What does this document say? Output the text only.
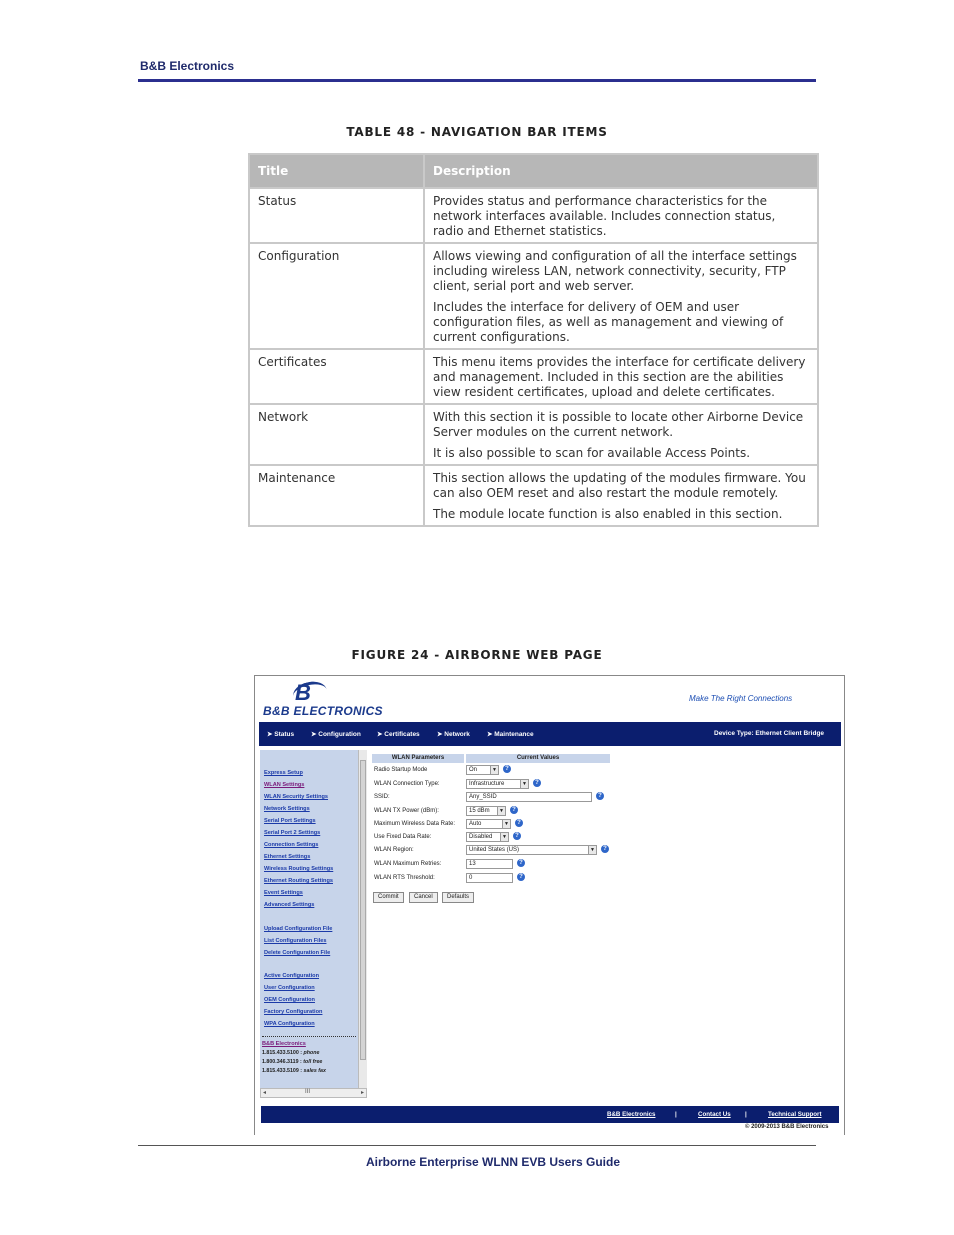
B&B Electronics
TABLE 48 - NAVIGATION BAR ITEMS
Title	Description
Status	Provides status and performance characteristics for the network interfaces available. Includes connection status, radio and Ethernet statistics.

Configuration	Allows viewing and configuration of all the interface settings including wireless LAN, network connectivity, security, FTP client, serial port and web server.

Includes the interface for delivery of OEM and user configuration files, as well as management and viewing of current configurations.

Certificates	This menu items provides the interface for certificate delivery and management. Included in this section are the abilities view resident certificates, upload and delete certificates.

Network	With this section it is possible to locate other Airborne Device Server modules on the current network.

It is also possible to scan for available Access Points.

Maintenance	This section allows the updating of the modules firmware. You can also OEM reset and also restart the module remotely.

The module locate function is also enabled in this section.

FIGURE 24 - AIRBORNE WEB PAGE
B
B&B ELECTRONICS
Make The Right Connections
➤ Status	➤ Configuration ➤ Certificates	➤ Network	➤ Maintenance	Device Type: Ethernet Client Bridge
Express Setup
WLAN Settings
WLAN Security Settings
Network Settings
Serial Port Settings
Serial Port 2 Settings
Connection Settings
Ethernet Settings
Wireless Routing Settings
Ethernet Routing Settings
Event Settings
Advanced Settings
Upload Configuration File
List Configuration Files
Delete Configuration File
Active Configuration
User Configuration
OEM Configuration
Factory Configuration
WPA Configuration
B&B Electronics
1.815.433.5100 : phone
1.800.346.3119 : toll free
1.815.433.5109 : sales fax
◂	III	▸
WLAN Parameters	Current Values
Radio Startup Mode	On	▼	?
WLAN Connection Type:	Infrastructure	▼	?
SSID:	Any_SSID	?
WLAN TX Power (dBm):	15 dBm	▼	?
Maximum Wireless Data Rate:	Auto	▼	?
Use Fixed Data Rate:	Disabled	▼	?
WLAN Region:	United States (US)	▼	?
WLAN Maximum Retries:	13	?
WLAN RTS Threshold:	0	?
Commit	Cancel	Defaults
B&B Electronics	|	Contact Us |	Technical Support
© 2009-2013 B&B Electronics
Airborne Enterprise WLNN EVB Users Guide
